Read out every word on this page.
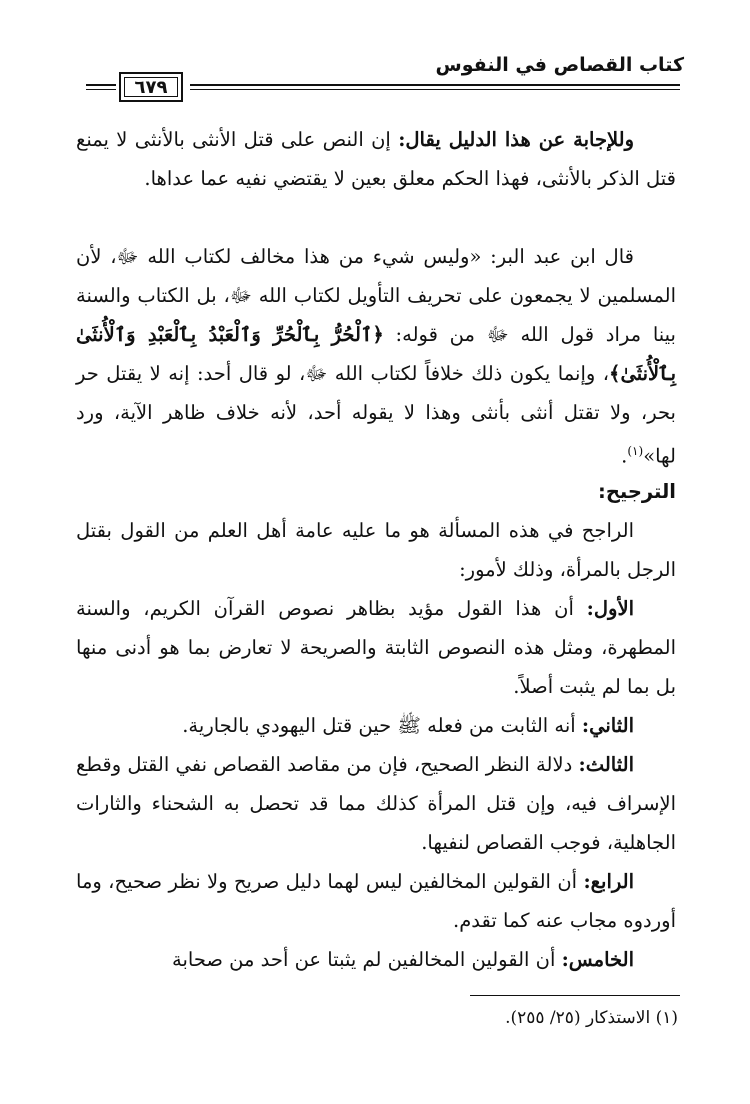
كتاب القصاص في النفوس
٦٧٩

وللإجابة عن هذا الدليل يقال: إن النص على قتل الأنثى بالأنثى لا يمنع قتل الذكر بالأنثى، فهذا الحكم معلق بعين لا يقتضي نفيه عما عداها.

قال ابن عبد البر: «وليس شيء من هذا مخالف لكتاب الله ﷻ، لأن المسلمين لا يجمعون على تحريف التأويل لكتاب الله ﷻ، بل الكتاب والسنة بينا مراد قول الله ﷻ من قوله: ﴿ٱلْحُرُّ بِٱلْحُرِّ وَٱلْعَبْدُ بِٱلْعَبْدِ وَٱلْأُنثَىٰ بِٱلْأُنثَىٰ﴾، وإنما يكون ذلك خلافاً لكتاب الله ﷻ، لو قال أحد: إنه لا يقتل حر بحر، ولا تقتل أنثى بأنثى وهذا لا يقوله أحد، لأنه خلاف ظاهر الآية، ورد لها»$^{(١)}$.

الترجيح:

الراجح في هذه المسألة هو ما عليه عامة أهل العلم من القول بقتل الرجل بالمرأة، وذلك لأمور:

الأول: أن هذا القول مؤيد بظاهر نصوص القرآن الكريم، والسنة المطهرة، ومثل هذه النصوص الثابتة والصريحة لا تعارض بما هو أدنى منها بل بما لم يثبت أصلاً.

الثاني: أنه الثابت من فعله ﷺ حين قتل اليهودي بالجارية.

الثالث: دلالة النظر الصحيح، فإن من مقاصد القصاص نفي القتل وقطع الإسراف فيه، وإن قتل المرأة كذلك مما قد تحصل به الشحناء والثارات الجاهلية، فوجب القصاص لنفيها.

الرابع: أن القولين المخالفين ليس لهما دليل صريح ولا نظر صحيح، وما أوردوه مجاب عنه كما تقدم.

الخامس: أن القولين المخالفين لم يثبتا عن أحد من صحابة

(١) الاستذكار (٢٥/ ٢٥٥).
